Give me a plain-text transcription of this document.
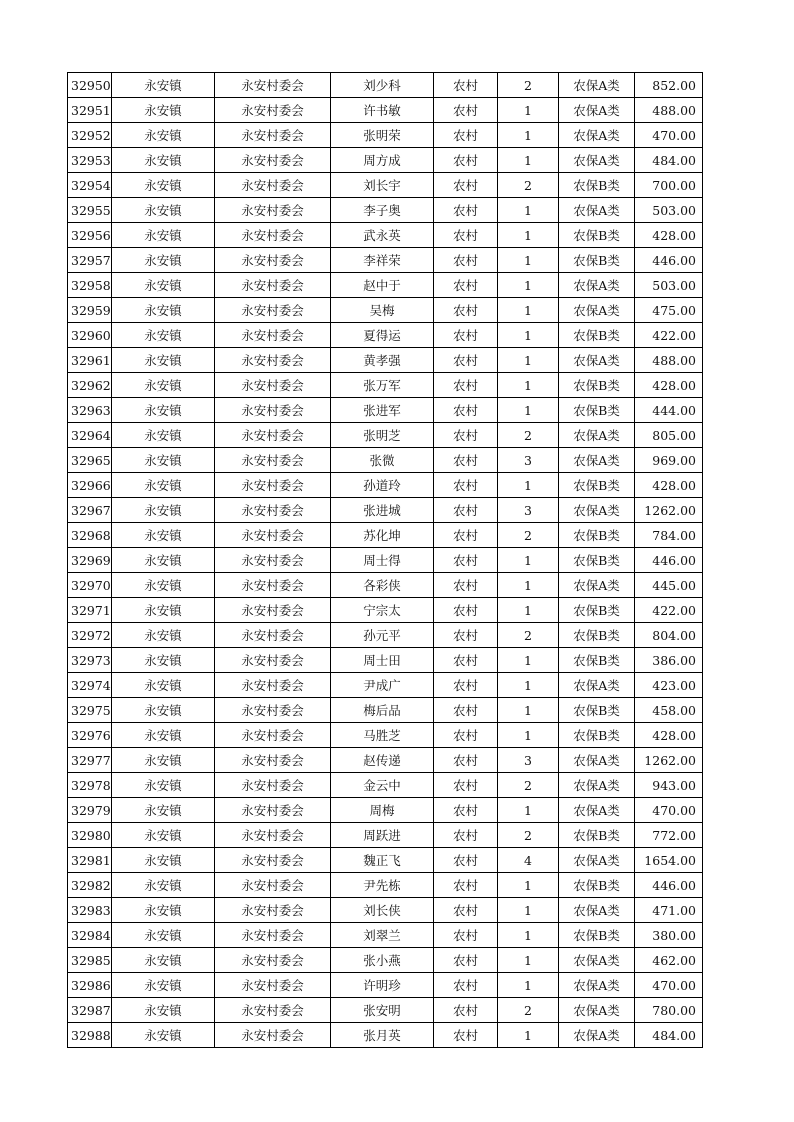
32950	永安镇	永安村委会	刘少科	农村	2	农保A类	852.00
32951	永安镇	永安村委会	许书敏	农村	1	农保A类	488.00
32952	永安镇	永安村委会	张明荣	农村	1	农保A类	470.00
32953	永安镇	永安村委会	周方成	农村	1	农保A类	484.00
32954	永安镇	永安村委会	刘长宇	农村	2	农保B类	700.00
32955	永安镇	永安村委会	李子奥	农村	1	农保A类	503.00
32956	永安镇	永安村委会	武永英	农村	1	农保B类	428.00
32957	永安镇	永安村委会	李祥荣	农村	1	农保B类	446.00
32958	永安镇	永安村委会	赵中于	农村	1	农保A类	503.00
32959	永安镇	永安村委会	吴梅	农村	1	农保A类	475.00
32960	永安镇	永安村委会	夏得运	农村	1	农保B类	422.00
32961	永安镇	永安村委会	黄孝强	农村	1	农保A类	488.00
32962	永安镇	永安村委会	张万军	农村	1	农保B类	428.00
32963	永安镇	永安村委会	张进军	农村	1	农保B类	444.00
32964	永安镇	永安村委会	张明芝	农村	2	农保A类	805.00
32965	永安镇	永安村委会	张微	农村	3	农保A类	969.00
32966	永安镇	永安村委会	孙道玲	农村	1	农保B类	428.00
32967	永安镇	永安村委会	张进城	农村	3	农保A类	1262.00
32968	永安镇	永安村委会	苏化坤	农村	2	农保B类	784.00
32969	永安镇	永安村委会	周士得	农村	1	农保B类	446.00
32970	永安镇	永安村委会	各彩侠	农村	1	农保A类	445.00
32971	永安镇	永安村委会	宁宗太	农村	1	农保B类	422.00
32972	永安镇	永安村委会	孙元平	农村	2	农保B类	804.00
32973	永安镇	永安村委会	周士田	农村	1	农保B类	386.00
32974	永安镇	永安村委会	尹成广	农村	1	农保A类	423.00
32975	永安镇	永安村委会	梅后品	农村	1	农保B类	458.00
32976	永安镇	永安村委会	马胜芝	农村	1	农保B类	428.00
32977	永安镇	永安村委会	赵传递	农村	3	农保A类	1262.00
32978	永安镇	永安村委会	金云中	农村	2	农保A类	943.00
32979	永安镇	永安村委会	周梅	农村	1	农保A类	470.00
32980	永安镇	永安村委会	周跃进	农村	2	农保B类	772.00
32981	永安镇	永安村委会	魏正飞	农村	4	农保A类	1654.00
32982	永安镇	永安村委会	尹先栋	农村	1	农保B类	446.00
32983	永安镇	永安村委会	刘长侠	农村	1	农保A类	471.00
32984	永安镇	永安村委会	刘翠兰	农村	1	农保B类	380.00
32985	永安镇	永安村委会	张小燕	农村	1	农保A类	462.00
32986	永安镇	永安村委会	许明珍	农村	1	农保A类	470.00
32987	永安镇	永安村委会	张安明	农村	2	农保A类	780.00
32988	永安镇	永安村委会	张月英	农村	1	农保A类	484.00
